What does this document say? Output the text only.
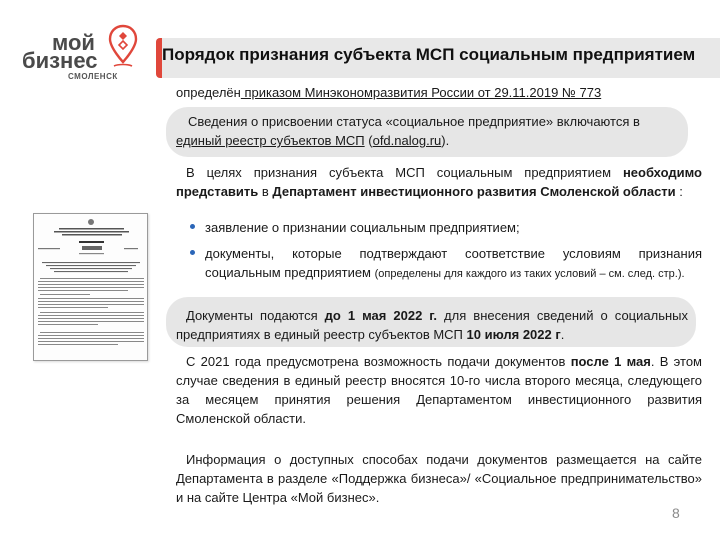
мой
бизнес
СМОЛЕНСК
Порядок признания субъекта МСП социальным предприятием
определён приказом Минэкономразвития России от 29.11.2019 № 773
Сведения о присвоении статуса «социальное предприятие» включаются в
единый реестр субъектов МСП (ofd.nalog.ru).
В целях признания субъекта МСП социальным предприятием необходимо представить в Департамент инвестиционного развития Смоленской области :
заявление о признании социальным предприятием;
документы, которые подтверждают соответствие условиям признания социальным предприятием (определены для каждого из таких условий – см. след. стр.).
Документы подаются до 1 мая 2022 г. для внесения сведений о социальных предприятиях в единый реестр субъектов МСП 10 июля 2022 г.
С 2021 года предусмотрена возможность подачи документов после 1 мая. В этом случае сведения в единый реестр вносятся 10-го числа второго месяца, следующего за месяцем принятия решения Департаментом инвестиционного развития Смоленской области.
Информация о доступных способах подачи документов размещается на сайте Департамента в разделе «Поддержка бизнеса»/ «Социальное предпринимательство» и на сайте Центра «Мой бизнес».
8
